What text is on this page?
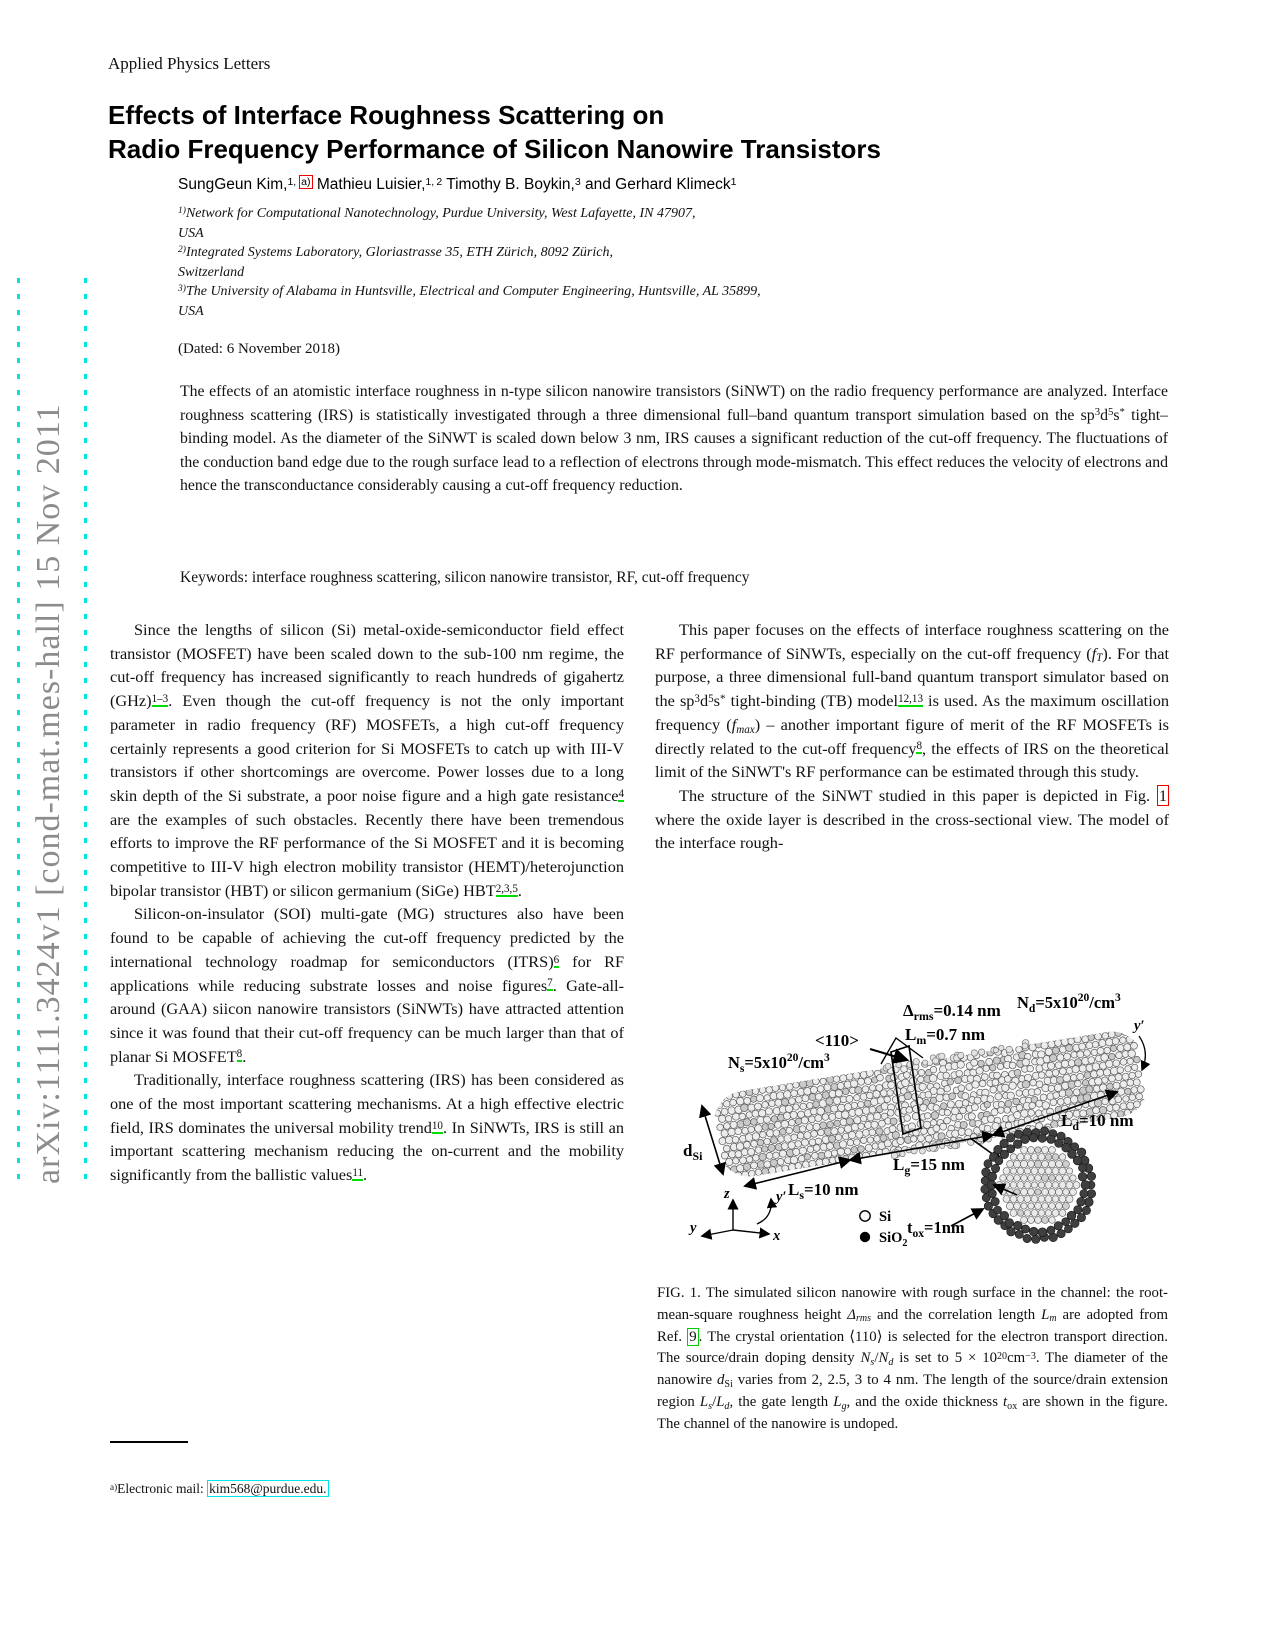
arXiv:1111.3424v1 [cond-mat.mes-hall] 15 Nov 2011
Applied Physics Letters
Effects of Interface Roughness Scattering on
Radio Frequency Performance of Silicon Nanowire Transistors
SungGeun Kim,$^{1,}$ $^{a)}$ Mathieu Luisier,$^{1, 2}$ Timothy B. Boykin,$^3$ and Gerhard Klimeck$^1$
$^{1)}$Network for Computational Nanotechnology, Purdue University, West Lafayette, IN 47907,
USA
$^{2)}$Integrated Systems Laboratory, Gloriastrasse 35, ETH Zürich, 8092 Zürich,
Switzerland
$^{3)}$The University of Alabama in Huntsville, Electrical and Computer Engineering, Huntsville, AL 35899,
USA
(Dated: 6 November 2018)
The effects of an atomistic interface roughness in n-type silicon nanowire transistors (SiNWT) on the radio frequency performance are analyzed. Interface roughness scattering (IRS) is statistically investigated through a three dimensional full–band quantum transport simulation based on the $sp^3d^5s^*$ tight–binding model. As the diameter of the SiNWT is scaled down below 3 nm, IRS causes a significant reduction of the cut-off frequency. The fluctuations of the conduction band edge due to the rough surface lead to a reflection of electrons through mode-mismatch. This effect reduces the velocity of electrons and hence the transconductance considerably causing a cut-off frequency reduction.
Keywords: interface roughness scattering, silicon nanowire transistor, RF, cut-off frequency

Since the lengths of silicon (Si) metal-oxide-semiconductor field effect transistor (MOSFET) have been scaled down to the sub-100 nm regime, the cut-off frequency has increased significantly to reach hundreds of gigahertz (GHz)$^{1-3}$. Even though the cut-off frequency is not the only important parameter in radio frequency (RF) MOSFETs, a high cut-off frequency certainly represents a good criterion for Si MOSFETs to catch up with III-V transistors if other shortcomings are overcome. Power losses due to a long skin depth of the Si substrate, a poor noise figure and a high gate resistance$^4$ are the examples of such obstacles. Recently there have been tremendous efforts to improve the RF performance of the Si MOSFET and it is becoming competitive to III-V high electron mobility transistor (HEMT)/heterojunction bipolar transistor (HBT) or silicon germanium (SiGe) HBT$^{2,3,5}$.

Silicon-on-insulator (SOI) multi-gate (MG) structures also have been found to be capable of achieving the cut-off frequency predicted by the international technology roadmap for semiconductors (ITRS)$^6$ for RF applications while reducing substrate losses and noise figures$^7$. Gate-all-around (GAA) siicon nanowire transistors (SiNWTs) have attracted attention since it was found that their cut-off frequency can be much larger than that of planar Si MOSFET$^8$.

Traditionally, interface roughness scattering (IRS) has been considered as one of the most important scattering mechanisms. At a high effective electric field, IRS dominates the universal mobility trend$^{10}$. In SiNWTs, IRS is still an important scattering mechanism reducing the on-current and the mobility significantly from the ballistic values$^{11}$.

This paper focuses on the effects of interface roughness scattering on the RF performance of SiNWTs, especially on the cut-off frequency (fT). For that purpose, a three dimensional full-band quantum transport simulator based on the $sp^3d^5s^*$ tight-binding (TB) model$^{12,13}$ is used. As the maximum oscillation frequency (fmax) – another important figure of merit of the RF MOSFETs is directly related to the cut-off frequency$^8$, the effects of IRS on the theoretical limit of the SiNWT's RF performance can be estimated through this study.

The structure of the SiNWT studied in this paper is depicted in Fig. 1 where the oxide layer is described in the cross-sectional view. The model of the interface rough-

$\Delta_{rms}=0.14$ nm
$L_m=0.7$ nm
$N_d=5x10^{20}/cm^3$
$N_s=5x10^{20}/cm^3$
<110>
$d_{Si}$
$L_d=10$ nm
$L_g=15$ nm
$L_s=10$ nm
$t_{ox}=1nm$
Si
SiO$_2$
z
y	x
y′
y′
FIG. 1. The simulated silicon nanowire with rough surface in the channel: the root-mean-square roughness height Δrms and the correlation length Lm are adopted from Ref. 9 . The crystal orientation ⟨110⟩ is selected for the electron transport direction. The source/drain doping density Ns/Nd is set to $5 \times 10^{20}cm^{-3}$. The diameter of the nanowire dSi varies from 2, 2.5, 3 to 4 nm. The length of the source/drain extension region Ls/Ld, the gate length Lg, and the oxide thickness tox are shown in the figure. The channel of the nanowire is undoped.
$^{a)}$Electronic mail: kim568@purdue.edu.
